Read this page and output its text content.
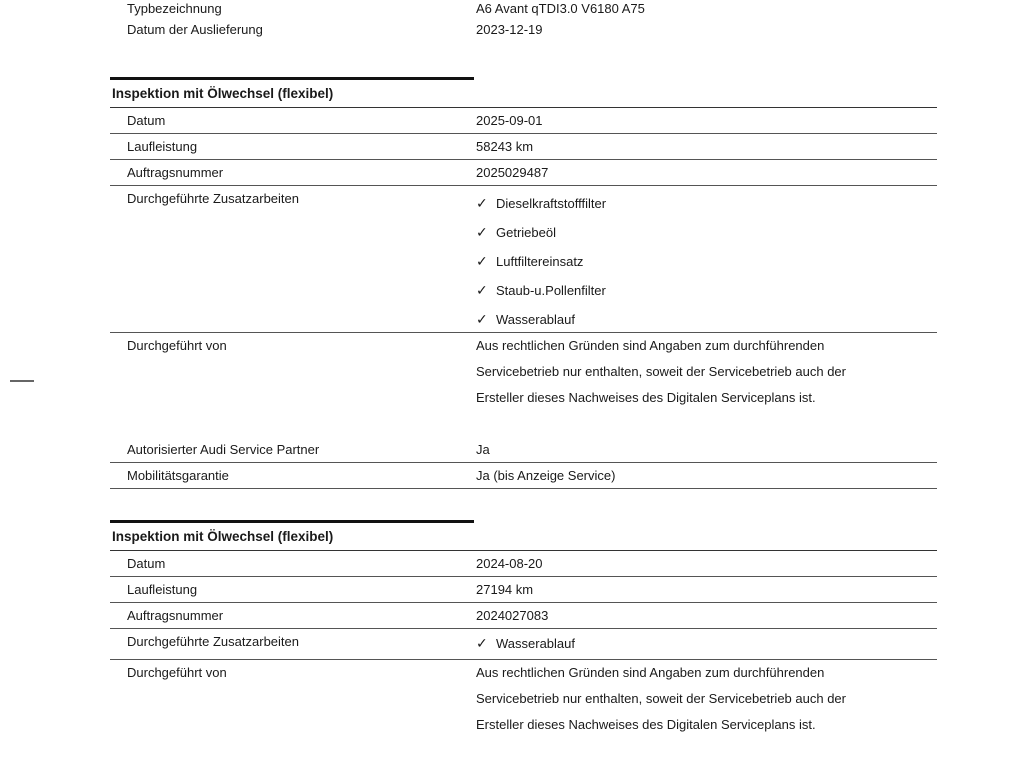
Typbezeichnung	A6 Avant qTDI3.0 V6180 A75
Datum der Auslieferung	2023-12-19
Inspektion mit Ölwechsel (flexibel)
Datum	2025-09-01
Laufleistung	58243 km
Auftragsnummer	2025029487
Durchgeführte Zusatzarbeiten	✓ Dieselkraftstofffilter
✓ Getriebeöl
✓ Luftfiltereinsatz
✓ Staub-u.Pollenfilter
✓ Wasserablauf
Durchgeführt von	Aus rechtlichen Gründen sind Angaben zum durchführenden
Servicebetrieb nur enthalten, soweit der Servicebetrieb auch der
Ersteller dieses Nachweises des Digitalen Serviceplans ist.
Autorisierter Audi Service Partner	Ja
Mobilitätsgarantie	Ja (bis Anzeige Service)
Inspektion mit Ölwechsel (flexibel)
Datum	2024-08-20
Laufleistung	27194 km
Auftragsnummer	2024027083
Durchgeführte Zusatzarbeiten	✓ Wasserablauf
Durchgeführt von	Aus rechtlichen Gründen sind Angaben zum durchführenden
Servicebetrieb nur enthalten, soweit der Servicebetrieb auch der
Ersteller dieses Nachweises des Digitalen Serviceplans ist.
